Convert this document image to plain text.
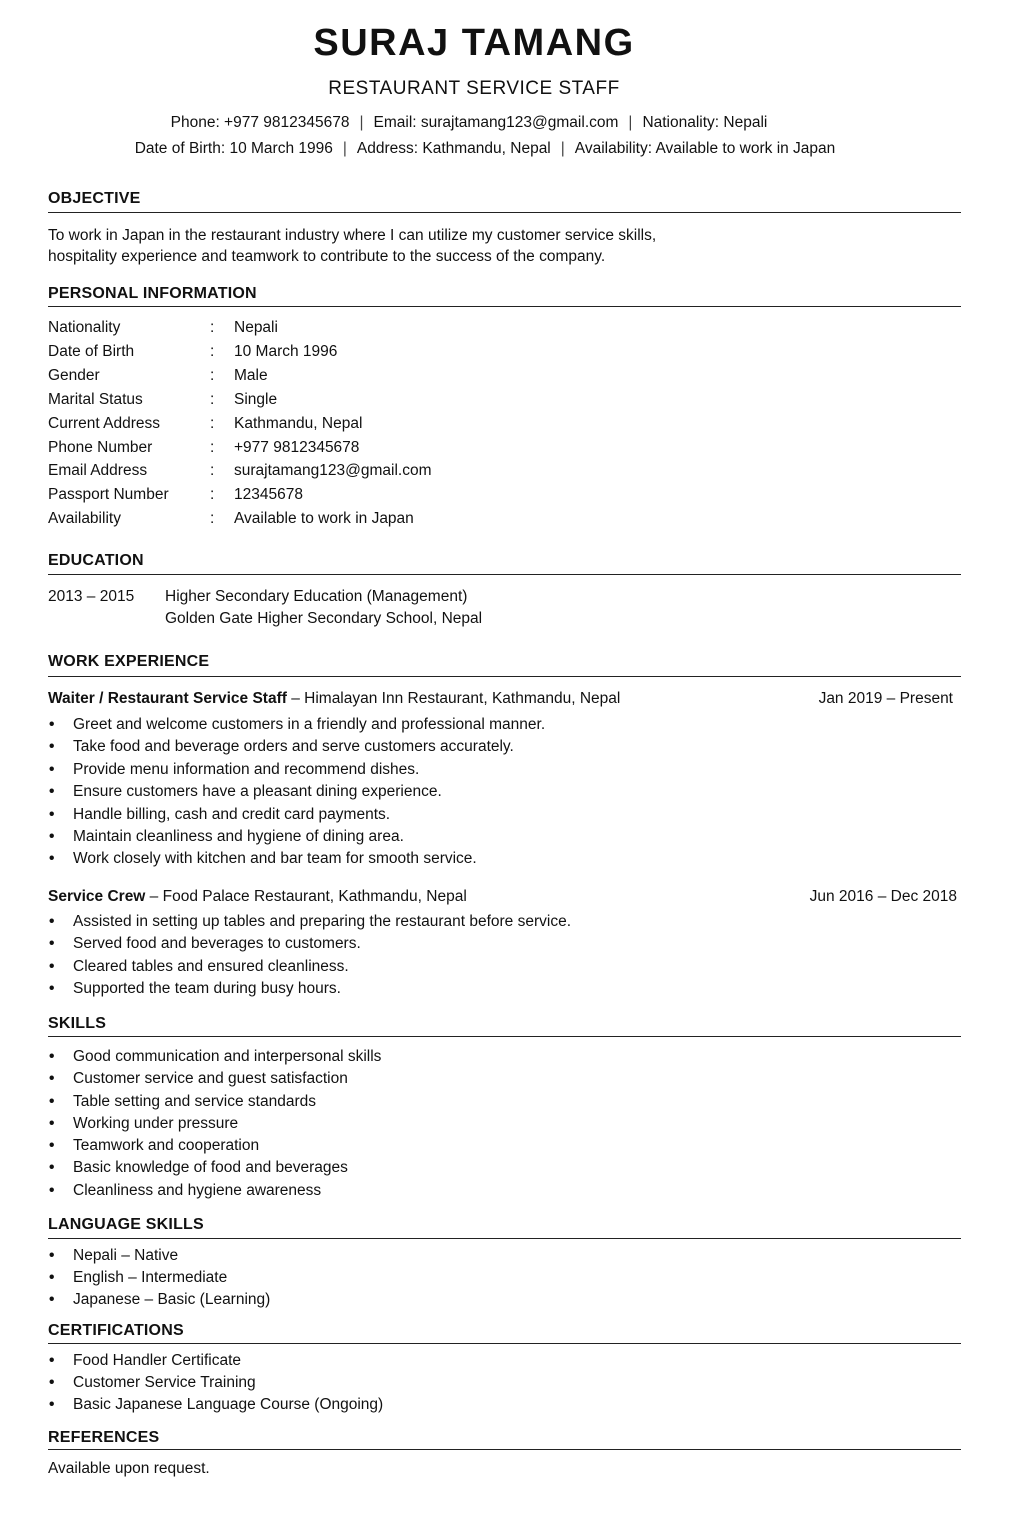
SURAJ TAMANG
RESTAURANT SERVICE STAFF
Phone: +977 9812345678 | Email: surajtamang123@gmail.com | Nationality: Nepali
Date of Birth: 10 March 1996 | Address: Kathmandu, Nepal | Availability: Available to work in Japan
OBJECTIVE
To work in Japan in the restaurant industry where I can utilize my customer service skills,
hospitality experience and teamwork to contribute to the success of the company.
PERSONAL INFORMATION
Nationality	: Nepali
Date of Birth	: 10 March 1996
Gender	: Male
Marital Status	: Single
Current Address	: Kathmandu, Nepal
Phone Number	: +977 9812345678
Email Address	: surajtamang123@gmail.com
Passport Number	: 12345678
Availability	: Available to work in Japan
EDUCATION
2013 – 2015 Higher Secondary Education (Management)
Golden Gate Higher Secondary School, Nepal
WORK EXPERIENCE
Waiter / Restaurant Service Staff – Himalayan Inn Restaurant, Kathmandu, Nepal	Jan 2019 – Present
• Greet and welcome customers in a friendly and professional manner.
• Take food and beverage orders and serve customers accurately.
• Provide menu information and recommend dishes.
• Ensure customers have a pleasant dining experience.
• Handle billing, cash and credit card payments.
• Maintain cleanliness and hygiene of dining area.
• Work closely with kitchen and bar team for smooth service.
Service Crew – Food Palace Restaurant, Kathmandu, Nepal	Jun 2016 – Dec 2018
• Assisted in setting up tables and preparing the restaurant before service.
• Served food and beverages to customers.
• Cleared tables and ensured cleanliness.
• Supported the team during busy hours.
SKILLS
• Good communication and interpersonal skills
• Customer service and guest satisfaction
• Table setting and service standards
• Working under pressure
• Teamwork and cooperation
• Basic knowledge of food and beverages
• Cleanliness and hygiene awareness
LANGUAGE SKILLS
• Nepali – Native
• English – Intermediate
• Japanese – Basic (Learning)
CERTIFICATIONS
• Food Handler Certificate
• Customer Service Training
• Basic Japanese Language Course (Ongoing)
REFERENCES
Available upon request.
